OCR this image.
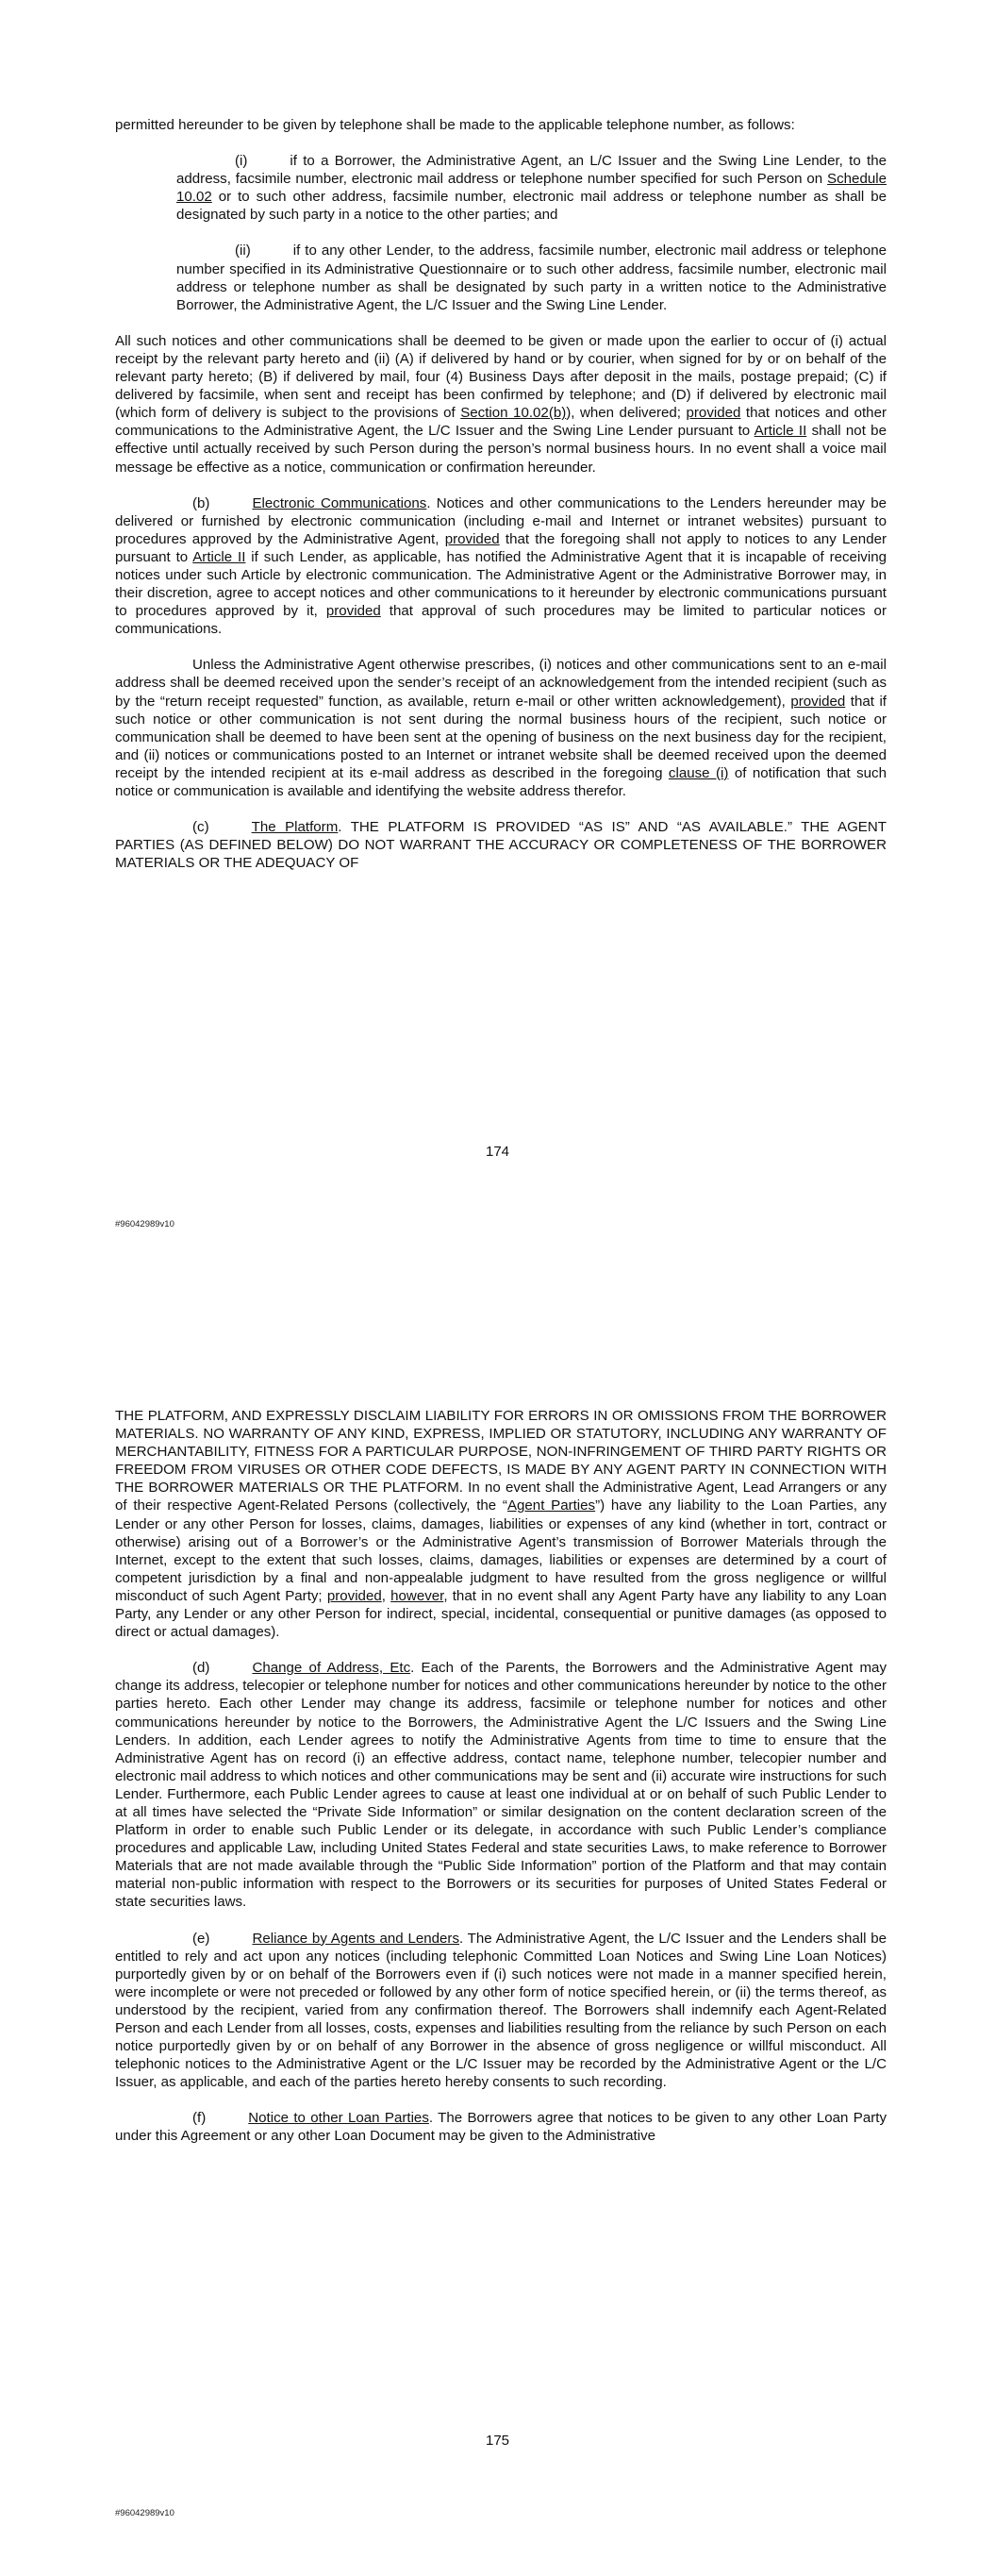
permitted hereunder to be given by telephone shall be made to the applicable telephone number, as follows:

(i)	if to a Borrower, the Administrative Agent, an L/C Issuer and the Swing Line Lender, to the address, facsimile number, electronic mail address or telephone number specified for such Person on Schedule 10.02 or to such other address, facsimile number, electronic mail address or telephone number as shall be designated by such party in a notice to the other parties; and

(ii)	if to any other Lender, to the address, facsimile number, electronic mail address or telephone number specified in its Administrative Questionnaire or to such other address, facsimile number, electronic mail address or telephone number as shall be designated by such party in a written notice to the Administrative Borrower, the Administrative Agent, the L/C Issuer and the Swing Line Lender.

All such notices and other communications shall be deemed to be given or made upon the earlier to occur of (i) actual receipt by the relevant party hereto and (ii) (A) if delivered by hand or by courier, when signed for by or on behalf of the relevant party hereto; (B) if delivered by mail, four (4) Business Days after deposit in the mails, postage prepaid; (C) if delivered by facsimile, when sent and receipt has been confirmed by telephone; and (D) if delivered by electronic mail (which form of delivery is subject to the provisions of Section 10.02(b)), when delivered; provided that notices and other communications to the Administrative Agent, the L/C Issuer and the Swing Line Lender pursuant to Article II shall not be effective until actually received by such Person during the person’s normal business hours. In no event shall a voice mail message be effective as a notice, communication or confirmation hereunder.

(b)	Electronic Communications. Notices and other communications to the Lenders hereunder may be delivered or furnished by electronic communication (including e-mail and Internet or intranet websites) pursuant to procedures approved by the Administrative Agent, provided that the foregoing shall not apply to notices to any Lender pursuant to Article II if such Lender, as applicable, has notified the Administrative Agent that it is incapable of receiving notices under such Article by electronic communication. The Administrative Agent or the Administrative Borrower may, in their discretion, agree to accept notices and other communications to it hereunder by electronic communications pursuant to procedures approved by it, provided that approval of such procedures may be limited to particular notices or communications.

Unless the Administrative Agent otherwise prescribes, (i) notices and other communications sent to an e-mail address shall be deemed received upon the sender’s receipt of an acknowledgement from the intended recipient (such as by the “return receipt requested” function, as available, return e-mail or other written acknowledgement), provided that if such notice or other communication is not sent during the normal business hours of the recipient, such notice or communication shall be deemed to have been sent at the opening of business on the next business day for the recipient, and (ii) notices or communications posted to an Internet or intranet website shall be deemed received upon the deemed receipt by the intended recipient at its e-mail address as described in the foregoing clause (i) of notification that such notice or communication is available and identifying the website address therefor.

(c)	The Platform. THE PLATFORM IS PROVIDED “AS IS” AND “AS AVAILABLE.” THE AGENT PARTIES (AS DEFINED BELOW) DO NOT WARRANT THE ACCURACY OR COMPLETENESS OF THE BORROWER MATERIALS OR THE ADEQUACY OF

174
#96042989v10

THE PLATFORM, AND EXPRESSLY DISCLAIM LIABILITY FOR ERRORS IN OR OMISSIONS FROM THE BORROWER MATERIALS. NO WARRANTY OF ANY KIND, EXPRESS, IMPLIED OR STATUTORY, INCLUDING ANY WARRANTY OF MERCHANTABILITY, FITNESS FOR A PARTICULAR PURPOSE, NON-INFRINGEMENT OF THIRD PARTY RIGHTS OR FREEDOM FROM VIRUSES OR OTHER CODE DEFECTS, IS MADE BY ANY AGENT PARTY IN CONNECTION WITH THE BORROWER MATERIALS OR THE PLATFORM. In no event shall the Administrative Agent, Lead Arrangers or any of their respective Agent-Related Persons (collectively, the “Agent Parties”) have any liability to the Loan Parties, any Lender or any other Person for losses, claims, damages, liabilities or expenses of any kind (whether in tort, contract or otherwise) arising out of a Borrower’s or the Administrative Agent’s transmission of Borrower Materials through the Internet, except to the extent that such losses, claims, damages, liabilities or expenses are determined by a court of competent jurisdiction by a final and non-appealable judgment to have resulted from the gross negligence or willful misconduct of such Agent Party; provided, however, that in no event shall any Agent Party have any liability to any Loan Party, any Lender or any other Person for indirect, special, incidental, consequential or punitive damages (as opposed to direct or actual damages).

(d)	Change of Address, Etc. Each of the Parents, the Borrowers and the Administrative Agent may change its address, telecopier or telephone number for notices and other communications hereunder by notice to the other parties hereto. Each other Lender may change its address, facsimile or telephone number for notices and other communications hereunder by notice to the Borrowers, the Administrative Agent the L/C Issuers and the Swing Line Lenders. In addition, each Lender agrees to notify the Administrative Agents from time to time to ensure that the Administrative Agent has on record (i) an effective address, contact name, telephone number, telecopier number and electronic mail address to which notices and other communications may be sent and (ii) accurate wire instructions for such Lender. Furthermore, each Public Lender agrees to cause at least one individual at or on behalf of such Public Lender to at all times have selected the “Private Side Information” or similar designation on the content declaration screen of the Platform in order to enable such Public Lender or its delegate, in accordance with such Public Lender’s compliance procedures and applicable Law, including United States Federal and state securities Laws, to make reference to Borrower Materials that are not made available through the “Public Side Information” portion of the Platform and that may contain material non-public information with respect to the Borrowers or its securities for purposes of United States Federal or state securities laws.

(e)	Reliance by Agents and Lenders. The Administrative Agent, the L/C Issuer and the Lenders shall be entitled to rely and act upon any notices (including telephonic Committed Loan Notices and Swing Line Loan Notices) purportedly given by or on behalf of the Borrowers even if (i) such notices were not made in a manner specified herein, were incomplete or were not preceded or followed by any other form of notice specified herein, or (ii) the terms thereof, as understood by the recipient, varied from any confirmation thereof. The Borrowers shall indemnify each Agent-Related Person and each Lender from all losses, costs, expenses and liabilities resulting from the reliance by such Person on each notice purportedly given by or on behalf of any Borrower in the absence of gross negligence or willful misconduct. All telephonic notices to the Administrative Agent or the L/C Issuer may be recorded by the Administrative Agent or the L/C Issuer, as applicable, and each of the parties hereto hereby consents to such recording.

(f)	Notice to other Loan Parties. The Borrowers agree that notices to be given to any other Loan Party under this Agreement or any other Loan Document may be given to the Administrative

175
#96042989v10
